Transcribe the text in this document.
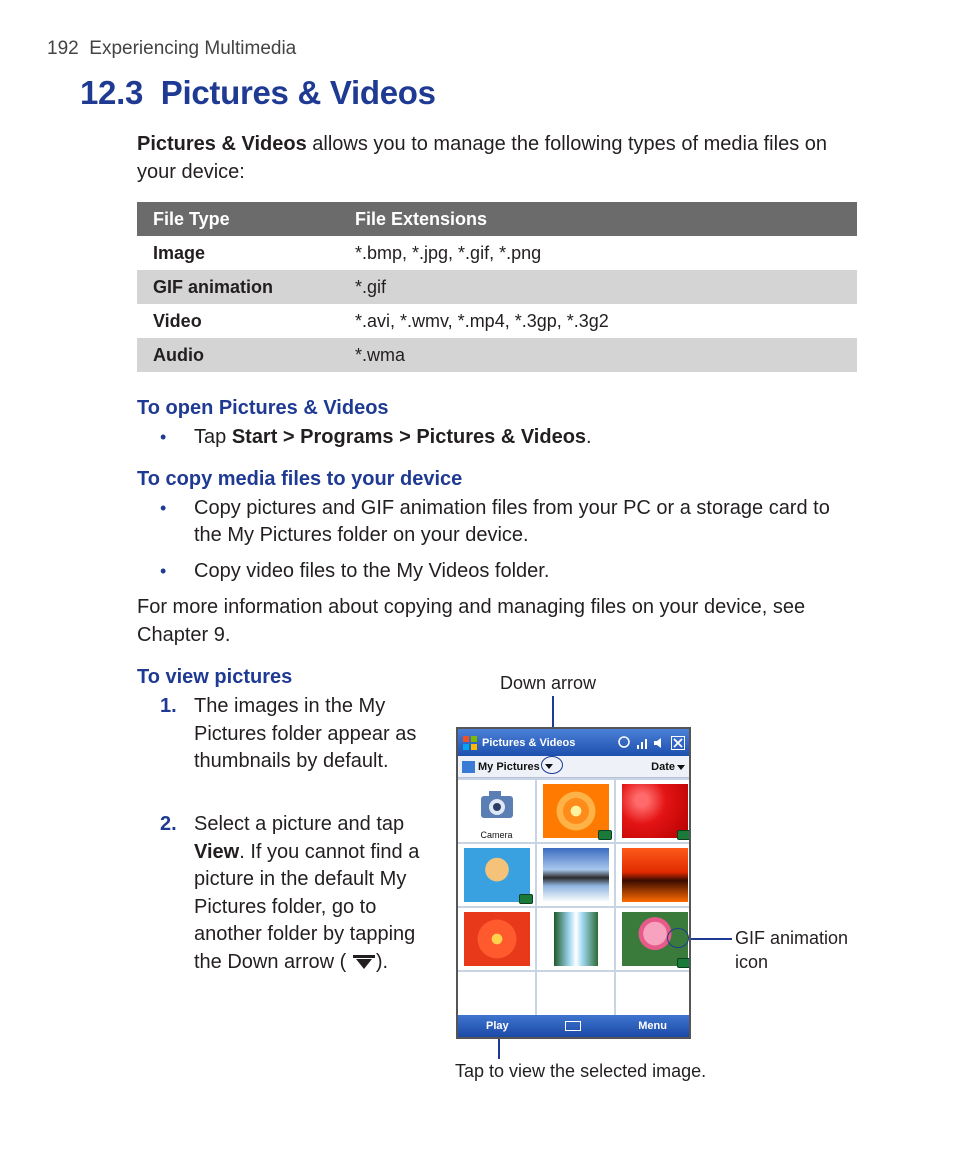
192 Experiencing Multimedia
12.3 Pictures & Videos

Pictures & Videos allows you to manage the following types of media files on your device:

File Type	File Extensions
Image	*.bmp, *.jpg, *.gif, *.png
GIF animation	*.gif
Video	*.avi, *.wmv, *.mp4, *.3gp, *.3g2
Audio	*.wma
To open Pictures & Videos
• Tap Start > Programs > Pictures & Videos.
To copy media files to your device
• Copy pictures and GIF animation files from your PC or a storage card to the My Pictures folder on your device.
• Copy video files to the My Videos folder.

For more information about copying and managing files on your device, see Chapter 9.

To view pictures
1. The images in the My Pictures folder appear as thumbnails by default.
2. Select a picture and tap View. If you cannot find a picture in the default My Pictures folder, go to another folder by tapping the Down arrow ( ).
Down arrow
GIF animation icon
Tap to view the selected image.
Pictures & Videos
My Pictures	Date
Camera
Play	Menu
